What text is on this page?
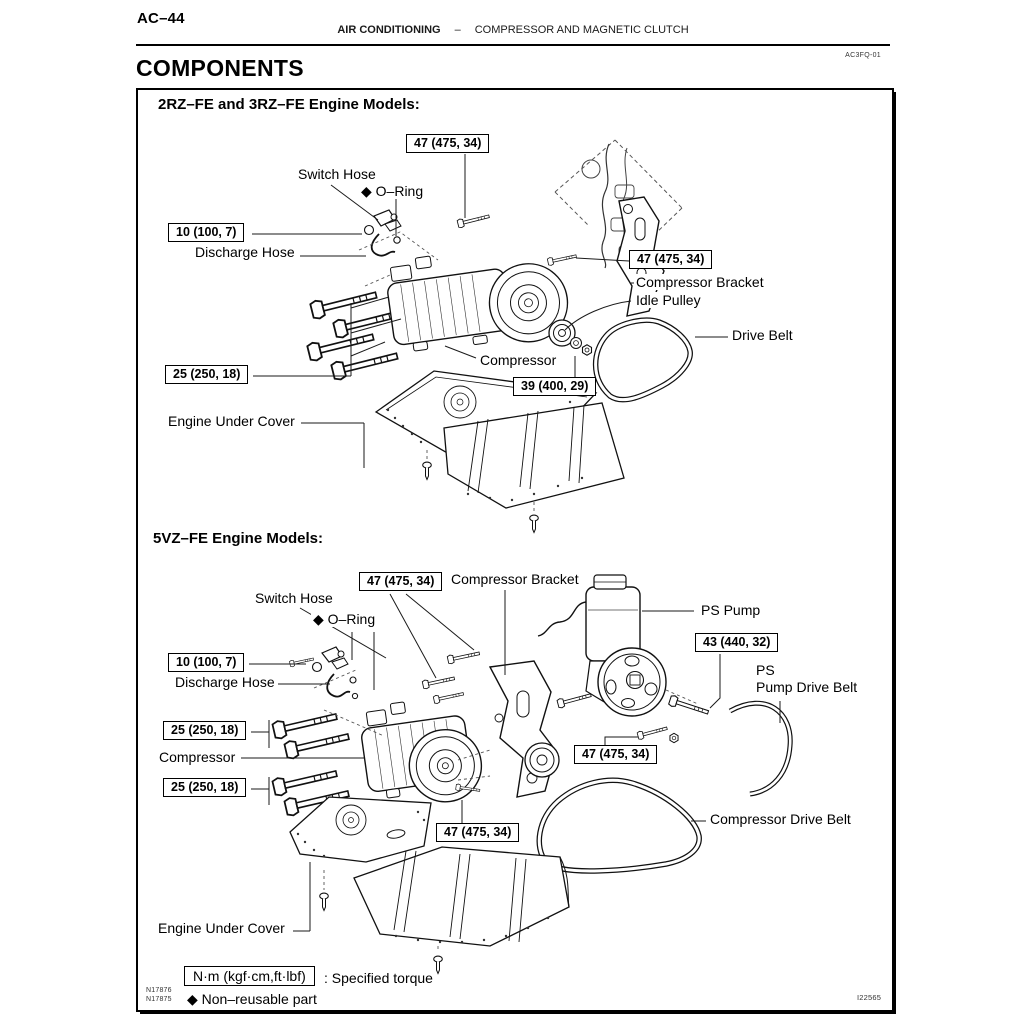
AC–44
AIR CONDITIONING – COMPRESSOR AND MAGNETIC CLUTCH
AC3FQ-01
COMPONENTS
2RZ–FE and 3RZ–FE Engine Models:
47 (475, 34)
Switch Hose
◆ O–Ring
10 (100, 7)
Discharge Hose	47 (475, 34)
Compressor Bracket
Idle Pulley
Drive Belt
Compressor
39 (400, 29)
25 (250, 18)
Engine Under Cover
5VZ–FE Engine Models:
47 (475, 34)	Compressor Bracket
Switch Hose
◆ O–Ring
PS Pump
43 (440, 32)
PS
Pump Drive Belt
10 (100, 7)
Discharge Hose
25 (250, 18)
Compressor
25 (250, 18)
47 (475, 34)
Compressor Drive Belt
47 (475, 34)
Engine Under Cover
N·m (kgf·cm,ft·lbf)	: Specified torque
◆ Non–reusable part
N17876
N17875	I22565
